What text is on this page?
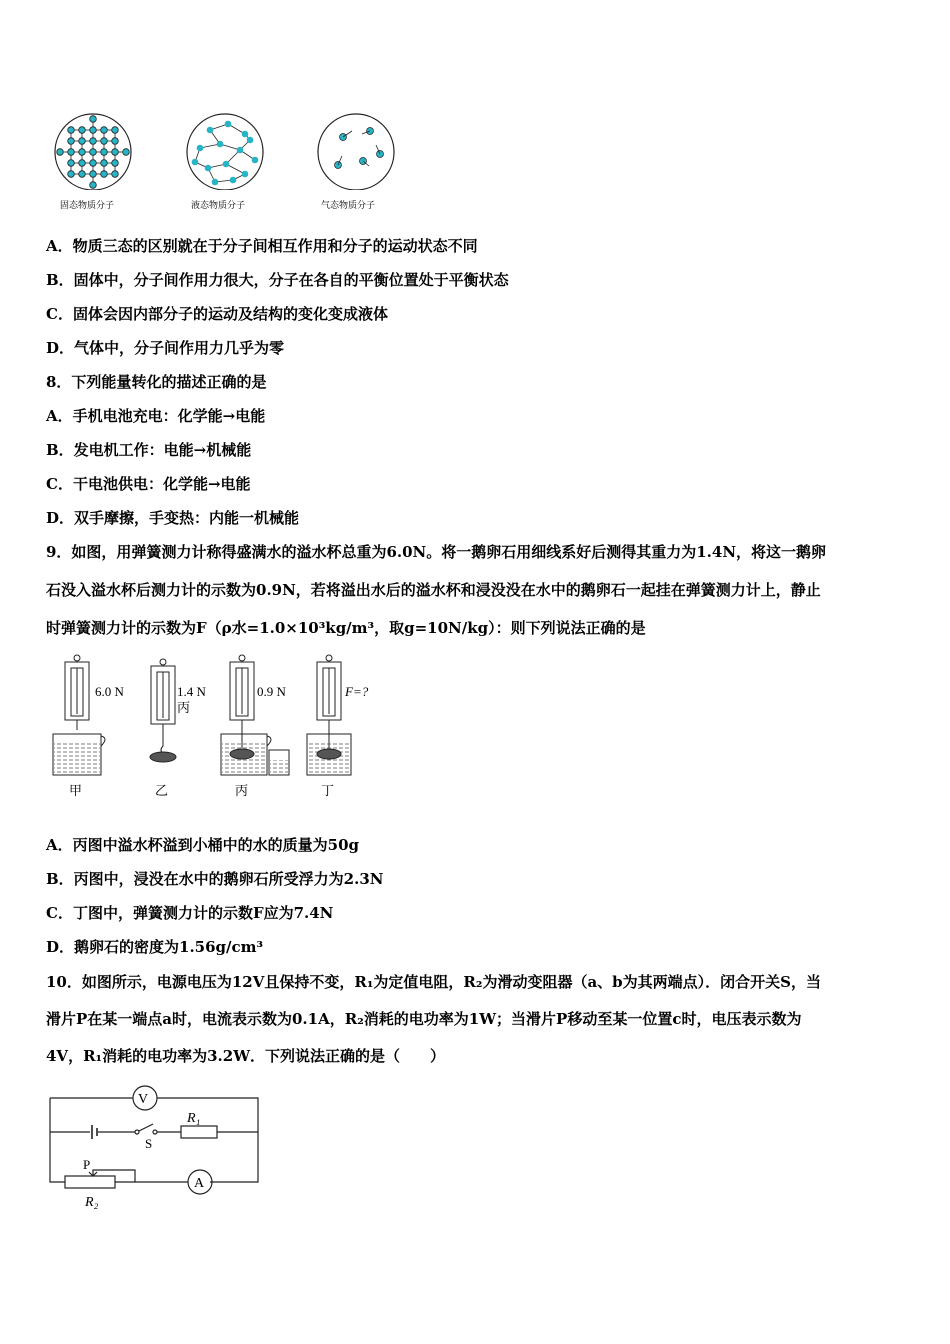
固态物质分子	液态物质分子	气态物质分子
A．物质三态的区别就在于分子间相互作用和分子的运动状态不同
B．固体中，分子间作用力很大，分子在各自的平衡位置处于平衡状态
C．固体会因内部分子的运动及结构的变化变成液体
D．气体中，分子间作用力几乎为零
8．下列能量转化的描述正确的是
A．手机电池充电：化学能→电能
B．发电机工作：电能→机械能
C．干电池供电：化学能→电能
D．双手摩擦，手变热：内能一机械能
9．如图，用弹簧测力计称得盛满水的溢水杯总重为6.0N。将一鹅卵石用细线系好后测得其重力为1.4N，将这一鹅卵
石没入溢水杯后测力计的示数为0.9N，若将溢出水后的溢水杯和浸没没在水中的鹅卵石一起挂在弹簧测力计上，静止
时弹簧测力计的示数为F（ρ水=1.0×10³kg/m³，取g=10N/kg）：则下列说法正确的是
6.0 N	1.4 N
丙
0.9 N	F=?
甲	乙	丙	丁
A．丙图中溢水杯溢到小桶中的水的质量为50g
B．丙图中，浸没在水中的鹅卵石所受浮力为2.3N
C．丁图中，弹簧测力计的示数F应为7.4N
D．鹅卵石的密度为1.56g/cm³
10．如图所示，电源电压为12V且保持不变，R₁为定值电阻，R₂为滑动变阻器（a、b为其两端点）．闭合开关S，当
滑片P在某一端点a时，电流表示数为0.1A，R₂消耗的电功率为1W；当滑片P移动至某一位置c时，电压表示数为
4V，R₁消耗的电功率为3.2W．下列说法正确的是（　　）
V
A
S
R₁
R₂
P
